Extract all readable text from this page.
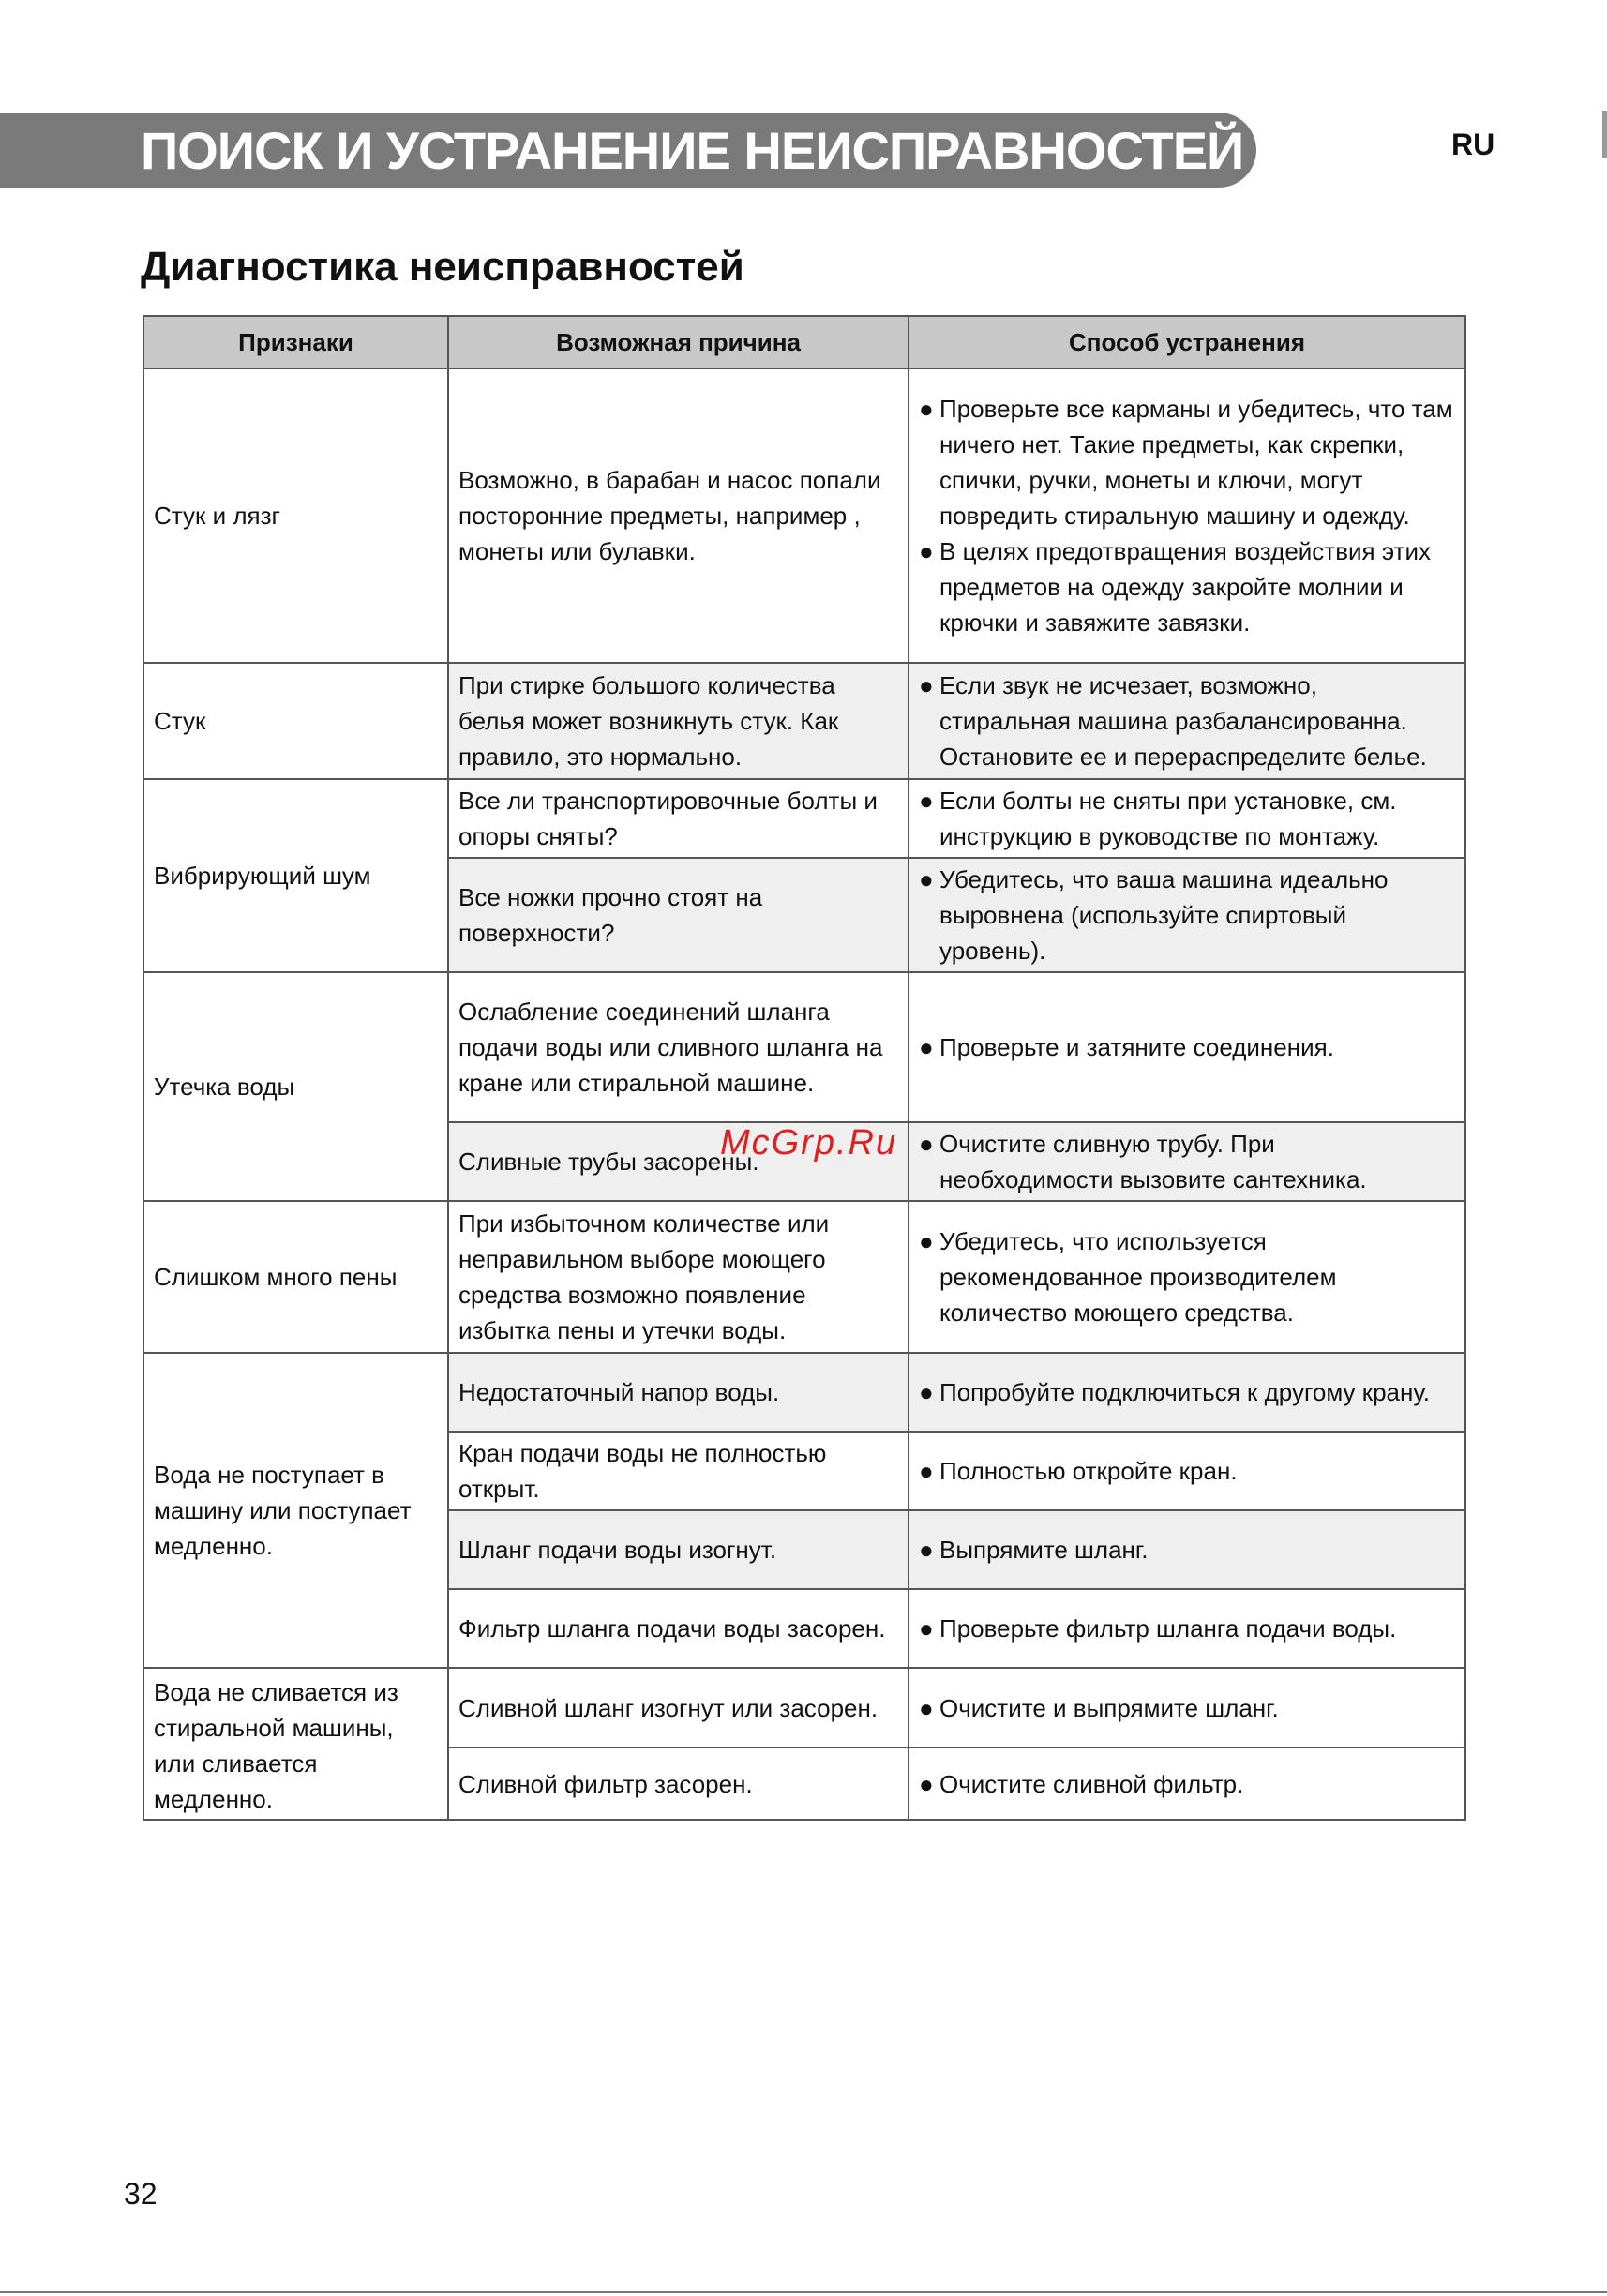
ПОИСК И УСТРАНЕНИЕ НЕИСПРАВНОСТЕЙ	RU
Диагностика неисправностей
Признаки	Возможная причина	Способ устранения
Стук и лязг	Возможно, в барабан и насос попали посторонние предметы, например , монеты или булавки.	● Проверьте все карманы и убедитесь, что там ничего нет. Такие предметы, как скрепки, спички, ручки, монеты и ключи, могут повредить стиральную машину и одежду.
● В целях предотвращения воздействия этих предметов на одежду закройте молнии и крючки и завяжите завязки.

Стук	При стирке большого количества белья может возникнуть стук. Как правило, это нормально.	● Если звук не исчезает, возможно, стиральная машина разбалансированна. Остановите ее и перераспределите белье.

Вибрирующий шум	Все ли транспортировочные болты и опоры сняты?	● Если болты не сняты при установке, см. инструкцию в руководстве по монтажу.

	Все ножки прочно стоят на поверхности?	● Убедитесь, что ваша машина идеально выровнена (используйте спиртовый уровень).

Утечка воды	Ослабление соединений шланга подачи воды или сливного шланга на кране или стиральной машине.	● Проверьте и затяните соединения.

	Сливные трубы засорены.	● Очистите сливную трубу. При необходимости вызовите сантехника.

Слишком много пены	При избыточном количестве или неправильном выборе моющего средства возможно появление избытка пены и утечки воды.	● Убедитесь, что используется рекомендованное производителем количество моющего средства.

Вода не поступает в машину или поступает медленно.	Недостаточный напор воды.	● Попробуйте подключиться к другому крану.

	Кран подачи воды не полностью открыт.	● Полностью откройте кран.

	Шланг подачи воды изогнут.	● Выпрямите шланг.

	Фильтр шланга подачи воды засорен.	● Проверьте фильтр шланга подачи воды.

Вода не сливается из стиральной машины, или сливается медленно.	Сливной шланг изогнут или засорен.	● Очистите и выпрямите шланг.

	Сливной фильтр засорен.	● Очистите сливной фильтр.
McGrp.Ru
32
